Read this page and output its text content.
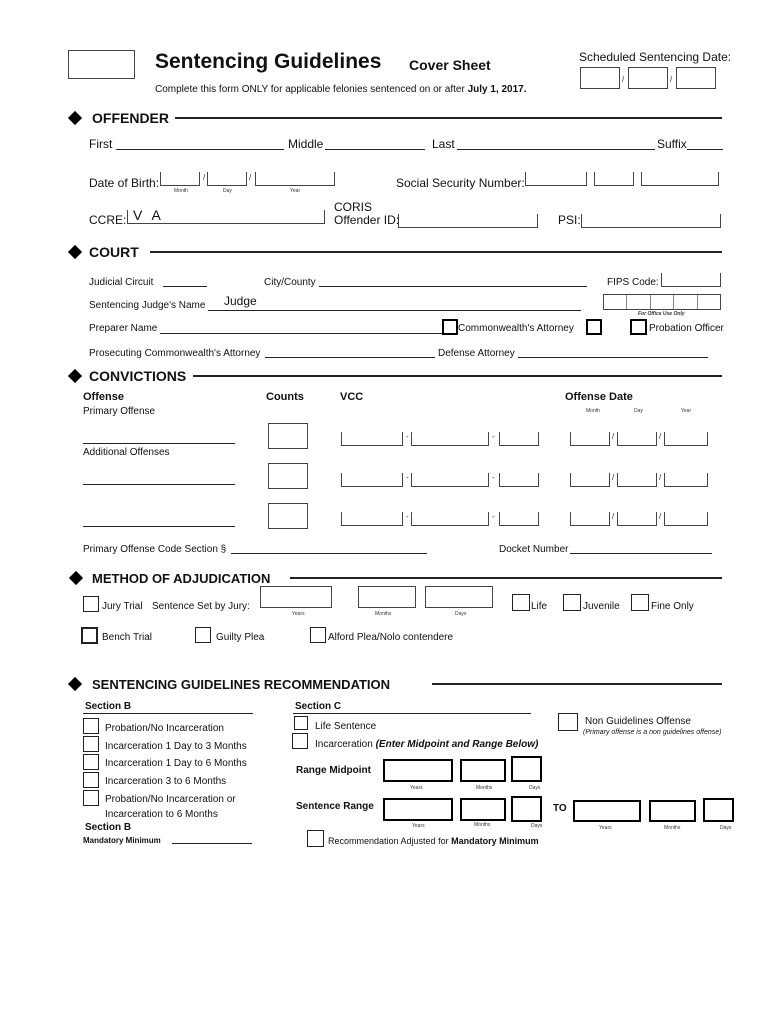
Sentencing Guidelines Cover Sheet	Scheduled Sentencing Date:
/	/
Complete this form ONLY for applicable felonies sentenced on or after July 1, 2017.
OFFENDER
First	Middle	Last	Suffix
Date of Birth:	/	/
Month	Day	Year
Social Security Number:
CCRE: V A	CORIS
Offender ID:	PSI:
COURT
Judicial Circuit	City/County	FIPS Code:
Sentencing Judge's Name Judge
For Office Use Only
Preparer Name	Commonwealth's Attorney	Probation Officer
Prosecuting Commonwealth's Attorney	Defense Attorney
CONVICTIONS
Offense	Counts	VCC	Offense Date
Primary Offense	Month	Day	Year
-	-	/	/
Additional Offenses
-	-	/	/
-	-	/	/
Primary Offense Code Section §	Docket Number
METHOD OF ADJUDICATION
Jury Trial Sentence Set by Jury:
Years	Months	Days
Life	Juvenile	Fine Only
Bench Trial	Guilty Plea	Alford Plea/Nolo contendere
SENTENCING GUIDELINES RECOMMENDATION
Section B	Section C
Probation/No Incarceration
Incarceration 1 Day to 3 Months
Incarceration 1 Day to 6 Months
Incarceration 3 to 6 Months
Probation/No Incarceration or
Incarceration to 6 Months
Section B
Mandatory Minimum
Life Sentence
Incarceration (Enter Midpoint and Range Below)
Non Guidelines Offense
(Primary offense is a non guidelines offense)
Range Midpoint
Years	Months	Days
Sentence Range
Years	Months	Days
TO
Years	Months	Days
Recommendation Adjusted for Mandatory Minimum
